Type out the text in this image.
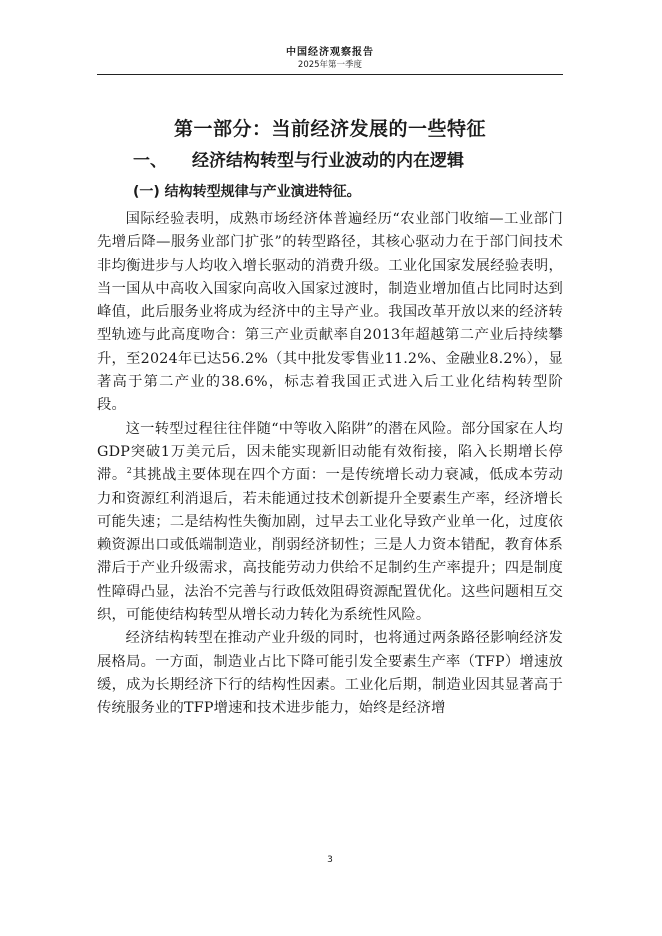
中国经济观察报告
2025年第一季度
第一部分：当前经济发展的一些特征
一、 经济结构转型与行业波动的内在逻辑
(一) 结构转型规律与产业演进特征。

国际经验表明，成熟市场经济体普遍经历“农业部门收缩—工业部门先增后降—服务业部门扩张”的转型路径，其核心驱动力在于部门间技术非均衡进步与人均收入增长驱动的消费升级。工业化国家发展经验表明，当一国从中高收入国家向高收入国家过渡时，制造业增加值占比同时达到峰值，此后服务业将成为经济中的主导产业。我国改革开放以来的经济转型轨迹与此高度吻合：第三产业贡献率自2013年超越第二产业后持续攀升，至2024年已达56.2%（其中批发零售业11.2%、金融业8.2%），显著高于第二产业的38.6%，标志着我国正式进入后工业化结构转型阶段。

这一转型过程往往伴随“中等收入陷阱”的潜在风险。部分国家在人均GDP突破1万美元后，因未能实现新旧动能有效衔接，陷入长期增长停滞。$^2$其挑战主要体现在四个方面：一是传统增长动力衰减，低成本劳动力和资源红利消退后，若未能通过技术创新提升全要素生产率，经济增长可能失速；二是结构性失衡加剧，过早去工业化导致产业单一化，过度依赖资源出口或低端制造业，削弱经济韧性；三是人力资本错配，教育体系滞后于产业升级需求，高技能劳动力供给不足制约生产率提升；四是制度性障碍凸显，法治不完善与行政低效阻碍资源配置优化。这些问题相互交织，可能使结构转型从增长动力转化为系统性风险。

经济结构转型在推动产业升级的同时，也将通过两条路径影响经济发展格局。一方面，制造业占比下降可能引发全要素生产率（TFP）增速放缓，成为长期经济下行的结构性因素。工业化后期，制造业因其显著高于传统服务业的TFP增速和技术进步能力，始终是经济增

3
